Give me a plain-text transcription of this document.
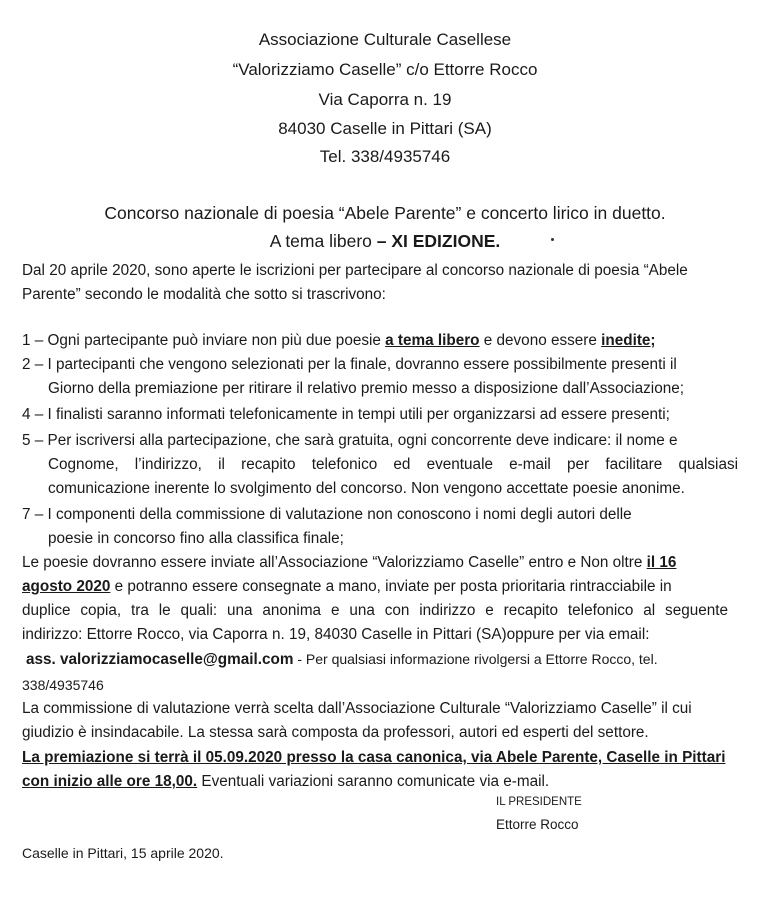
Associazione Culturale Casellese
“Valorizziamo Caselle” c/o Ettorre Rocco
Via Caporra n. 19
84030 Caselle in Pittari (SA)
Tel. 338/4935746
Concorso nazionale di poesia “Abele Parente” e concerto lirico in duetto.
A tema libero – XI EDIZIONE.
Dal 20 aprile 2020, sono aperte le iscrizioni per partecipare al concorso nazionale di poesia “Abele
Parente” secondo le modalità che sotto si trascrivono:
1 – Ogni partecipante può inviare non più due poesie a tema libero e devono essere inedite;
2 – I partecipanti che vengono selezionati per la finale, dovranno essere possibilmente presenti il
Giorno della premiazione per ritirare il relativo premio messo a disposizione dall’Associazione;
4 – I finalisti saranno informati telefonicamente in tempi utili per organizzarsi ad essere presenti;
5 – Per iscriversi alla partecipazione, che sarà gratuita, ogni concorrente deve indicare: il nome e
Cognome, l’indirizzo, il recapito telefonico ed eventuale e-mail per facilitare qualsiasi
comunicazione inerente lo svolgimento del concorso. Non vengono accettate poesie anonime.
7 – I componenti della commissione di valutazione non conoscono i nomi degli autori delle
poesie in concorso fino alla classifica finale;
Le poesie dovranno essere inviate all’Associazione “Valorizziamo Caselle” entro e Non oltre il 16
agosto 2020 e potranno essere consegnate a mano, inviate per posta prioritaria rintracciabile in
duplice copia, tra le quali: una anonima e una con indirizzo e recapito telefonico al seguente
indirizzo: Ettorre Rocco, via Caporra n. 19, 84030 Caselle in Pittari (SA)oppure per via email:
ass. valorizziamocaselle@gmail.com - Per qualsiasi informazione rivolgersi a Ettorre Rocco, tel.
338/4935746
La commissione di valutazione verrà scelta dall’Associazione Culturale “Valorizziamo Caselle” il cui
giudizio è insindacabile. La stessa sarà composta da professori, autori ed esperti del settore.
La premiazione si terrà il 05.09.2020 presso la casa canonica, via Abele Parente, Caselle in Pittari
con inizio alle ore 18,00. Eventuali variazioni saranno comunicate via e-mail.
IL PRESIDENTE
Ettorre Rocco
Caselle in Pittari, 15 aprile 2020.
